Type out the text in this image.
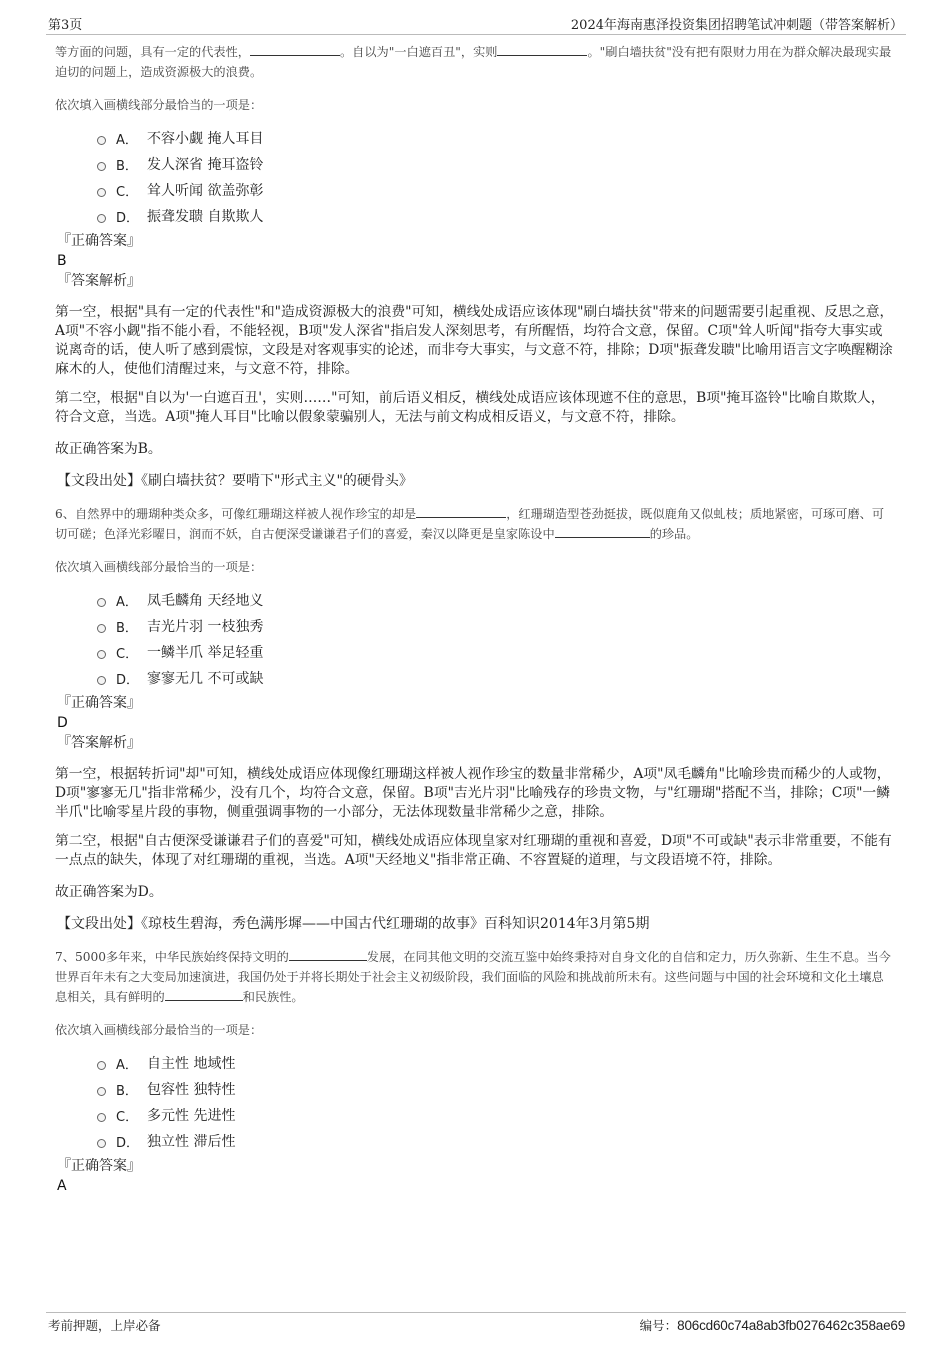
第3页	2024年海南惠泽投资集团招聘笔试冲刺题（带答案解析）

等方面的问题，具有一定的代表性，	。自以为"一白遮百丑"，实则	。"刷白墙扶贫"没有把有限财力用在为群众解决最现实最迫切的问题上，造成资源极大的浪费。

依次填入画横线部分最恰当的一项是：

A． 不容小觑 掩人耳目
B． 发人深省 掩耳盗铃
C． 耸人听闻 欲盖弥彰
D． 振聋发聩 自欺欺人
『正确答案』
B
『答案解析』

第一空，根据"具有一定的代表性"和"造成资源极大的浪费"可知，横线处成语应该体现"刷白墙扶贫"带来的问题需要引起重视、反思之意，A项"不容小觑"指不能小看，不能轻视，B项"发人深省"指启发人深刻思考，有所醒悟，均符合文意，保留。C项"耸人听闻"指夸大事实或说离奇的话，使人听了感到震惊，文段是对客观事实的论述，而非夸大事实，与文意不符，排除；D项"振聋发聩"比喻用语言文字唤醒糊涂麻木的人，使他们清醒过来，与文意不符，排除。

第二空，根据"自以为'一白遮百丑'，实则……"可知，前后语义相反，横线处成语应该体现遮不住的意思，B项"掩耳盗铃"比喻自欺欺人，符合文意，当选。A项"掩人耳目"比喻以假象蒙骗别人，无法与前文构成相反语义，与文意不符，排除。

故正确答案为B。

【文段出处】《刷白墙扶贫？要啃下"形式主义"的硬骨头》

6、自然界中的珊瑚种类众多，可像红珊瑚这样被人视作珍宝的却是	，红珊瑚造型苍劲挺拔，既似鹿角又似虬枝；质地紧密，可琢可磨、可切可磋；色泽光彩曜日，润而不妖，自古便深受谦谦君子们的喜爱，秦汉以降更是皇家陈设中	的珍品。

依次填入画横线部分最恰当的一项是：

A． 凤毛麟角 天经地义
B． 吉光片羽 一枝独秀
C． 一鳞半爪 举足轻重
D． 寥寥无几 不可或缺
『正确答案』
D
『答案解析』

第一空，根据转折词"却"可知，横线处成语应体现像红珊瑚这样被人视作珍宝的数量非常稀少，A项"凤毛麟角"比喻珍贵而稀少的人或物，D项"寥寥无几"指非常稀少，没有几个，均符合文意，保留。B项"吉光片羽"比喻残存的珍贵文物，与"红珊瑚"搭配不当，排除；C项"一鳞半爪"比喻零星片段的事物，侧重强调事物的一小部分，无法体现数量非常稀少之意，排除。

第二空，根据"自古便深受谦谦君子们的喜爱"可知，横线处成语应体现皇家对红珊瑚的重视和喜爱，D项"不可或缺"表示非常重要，不能有一点点的缺失，体现了对红珊瑚的重视，当选。A项"天经地义"指非常正确、不容置疑的道理，与文段语境不符，排除。

故正确答案为D。

【文段出处】《琼枝生碧海，秀色满彤墀——中国古代红珊瑚的故事》百科知识2014年3月第5期

7、5000多年来，中华民族始终保持文明的	发展，在同其他文明的交流互鉴中始终秉持对自身文化的自信和定力，历久弥新、生生不息。当今世界百年未有之大变局加速演进，我国仍处于并将长期处于社会主义初级阶段，我们面临的风险和挑战前所未有。这些问题与中国的社会环境和文化土壤息息相关，具有鲜明的	和民族性。

依次填入画横线部分最恰当的一项是：

A． 自主性 地域性
B． 包容性 独特性
C． 多元性 先进性
D． 独立性 滞后性
『正确答案』
A
考前押题，上岸必备	编号：806cd60c74a8ab3fb0276462c358ae69
